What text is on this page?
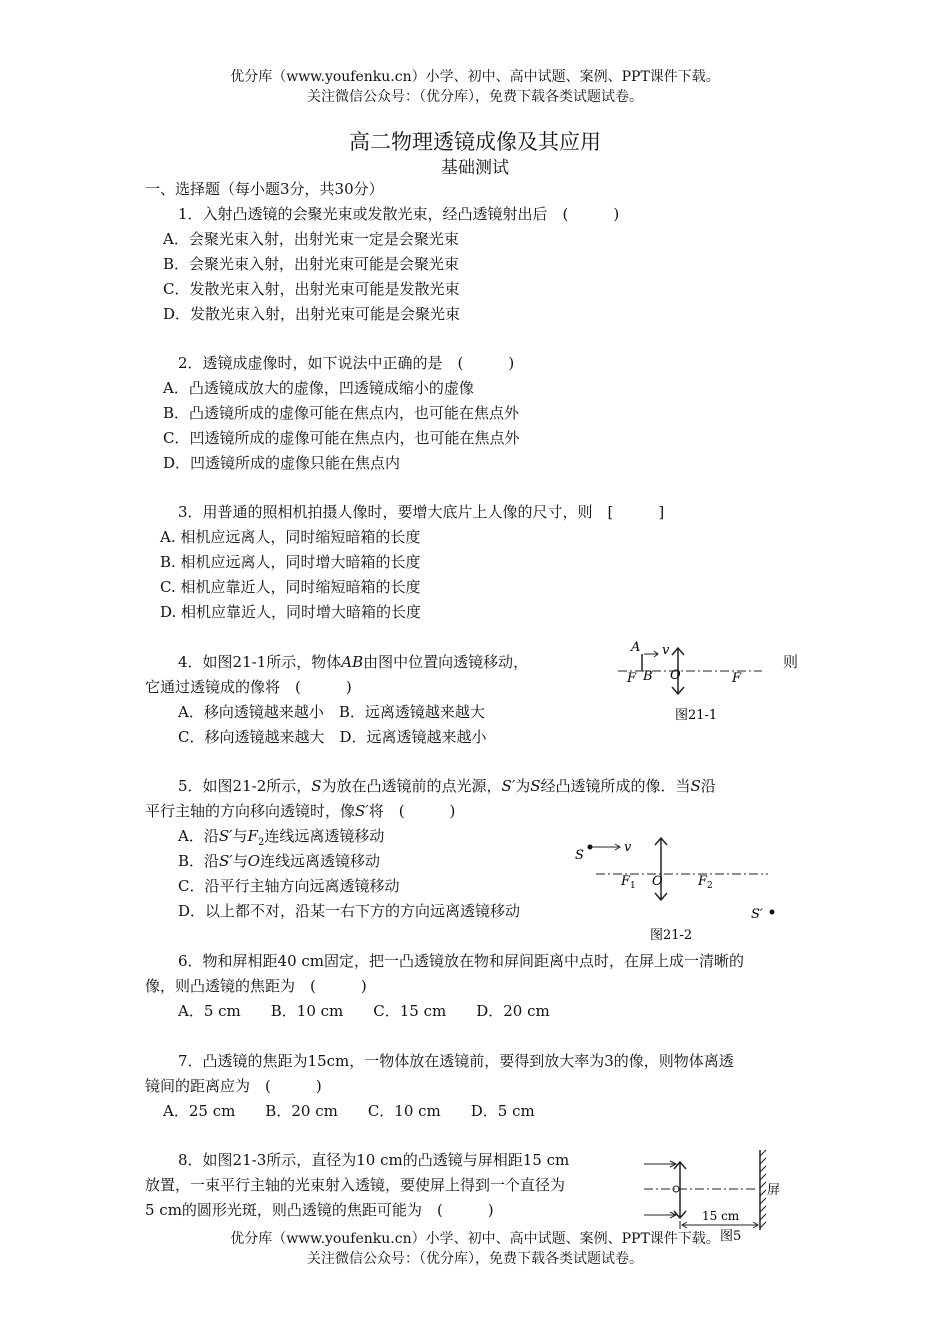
优分库（www.youfenku.cn）小学、初中、高中试题、案例、PPT课件下载。
关注微信公众号：（优分库），免费下载各类试题试卷。
高二物理透镜成像及其应用
基础测试
一、选择题（每小题3分，共30分）
1．入射凸透镜的会聚光束或发散光束，经凸透镜射出后　(　　　)
A．会聚光束入射，出射光束一定是会聚光束
B．会聚光束入射，出射光束可能是会聚光束
C．发散光束入射，出射光束可能是发散光束
D．发散光束入射，出射光束可能是会聚光束
2．透镜成虚像时，如下说法中正确的是　(　　　)
A．凸透镜成放大的虚像，凹透镜成缩小的虚像
B．凸透镜所成的虚像可能在焦点内，也可能在焦点外
C．凹透镜所成的虚像可能在焦点内，也可能在焦点外
D．凹透镜所成的虚像只能在焦点内
3．用普通的照相机拍摄人像时，要增大底片上人像的尺寸，则　[　　　]
A. 相机应远离人，同时缩短暗箱的长度
B. 相机应远离人，同时增大暗箱的长度
C. 相机应靠近人，同时缩短暗箱的长度
D. 相机应靠近人，同时增大暗箱的长度
4．如图21-1所示，物体AB由图中位置向透镜移动，	则
它通过透镜成的像将　(　　　)
A．移向透镜越来越小　B．远离透镜越来越大
C．移向透镜越来越大　D．远离透镜越来越小
A v
F B O	F
图21-1
5．如图21-2所示，S为放在凸透镜前的点光源，S′为S经凸透镜所成的像．当S沿
平行主轴的方向移向透镜时，像S′将　(　　　)
A．沿S′与$F_2$连线远离透镜移动
B．沿S′与O连线远离透镜移动
C．沿平行主轴方向远离透镜移动
D．以上都不对，沿某一右下方的方向远离透镜移动
S
v
$F_1$ O	$F_2$
S′
图21-2
6．物和屏相距40 cm固定，把一凸透镜放在物和屏间距离中点时，在屏上成一清晰的
像，则凸透镜的焦距为　(　　　)
A．5 cm　　B．10 cm　　C．15 cm　　D．20 cm
7．凸透镜的焦距为15cm，一物体放在透镜前，要得到放大率为3的像，则物体离透
镜间的距离应为　(　　　)
A．25 cm　　B．20 cm　　C．10 cm　　D．5 cm
8．如图21-3所示，直径为10 cm的凸透镜与屏相距15 cm
放置，一束平行主轴的光束射入透镜，要使屏上得到一个直径为
5 cm的圆形光斑，则凸透镜的焦距可能为　(　　　)
屏
15 cm
图5
优分库（www.youfenku.cn）小学、初中、高中试题、案例、PPT课件下载。
关注微信公众号：（优分库），免费下载各类试题试卷。
